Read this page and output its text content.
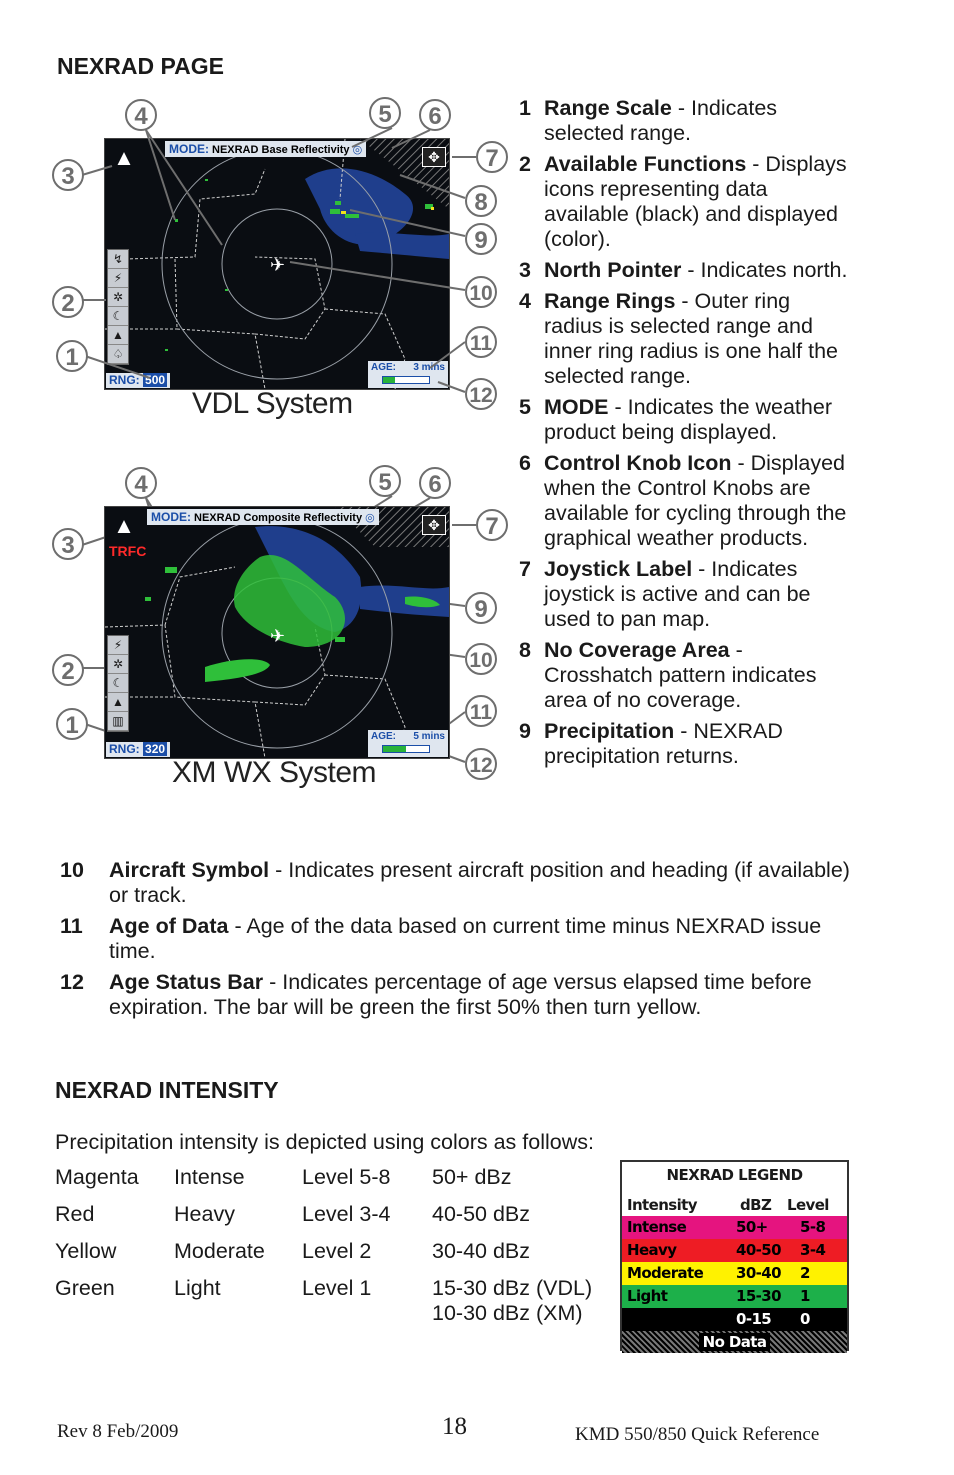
NEXRAD PAGE
✈
▲	MODE: NEXRAD Base Reflectivity ◎	✥
↯
⚡
✲
☾
▲
♤
RNG: 500
AGE: 3 mins
VDL System
4	5	6
7
8
9
10
11
12
3
2
1
✈
▲
TRFC
MODE: NEXRAD Composite Reflectivity ◎	✥
⚡
✲
☾
▲
▥
RNG: 320
AGE: 5 mins
XM WX System
4	5	6
7
9
10
11
12
3
2
1
1 Range Scale - Indicates selected range.
2 Available Functions - Displays icons representing data available (black) and displayed (color).
3 North Pointer - Indicates north.
4 Range Rings - Outer ring radius is selected range and inner ring radius is one half the selected range.
5 MODE - Indicates the weather product being displayed.
6 Control Knob Icon - Displayed when the Control Knobs are available for cycling through the graphical weather products.
7 Joystick Label - Indicates joystick is active and can be used to pan map.
8 No Coverage Area - Crosshatch pattern indicates area of no coverage.
9 Precipitation - NEXRAD precipitation returns.
10 Aircraft Symbol - Indicates present aircraft position and heading (if available) or track.
11 Age of Data - Age of the data based on current time minus NEXRAD issue time.
12 Age Status Bar - Indicates percentage of age versus elapsed time before expiration. The bar will be green the first 50% then turn yellow.
NEXRAD INTENSITY
Precipitation intensity is depicted using colors as follows:
Magenta	Intense	Level 5-8	50+ dBz

Red	Heavy	Level 3-4	40-50 dBz

Yellow	Moderate	Level 2	30-40 dBz

Green	Light	Level 1	15-30 dBz (VDL)
10-30 dBz (XM)
NEXRAD LEGEND
Intensity	dBZ Level
Intense	50+ 5-8
Heavy	40-50 3-4
Moderate 30-40 2
Light	15-30 1
0-15 0
No Data
Rev 8 Feb/2009	18	KMD 550/850 Quick Reference
